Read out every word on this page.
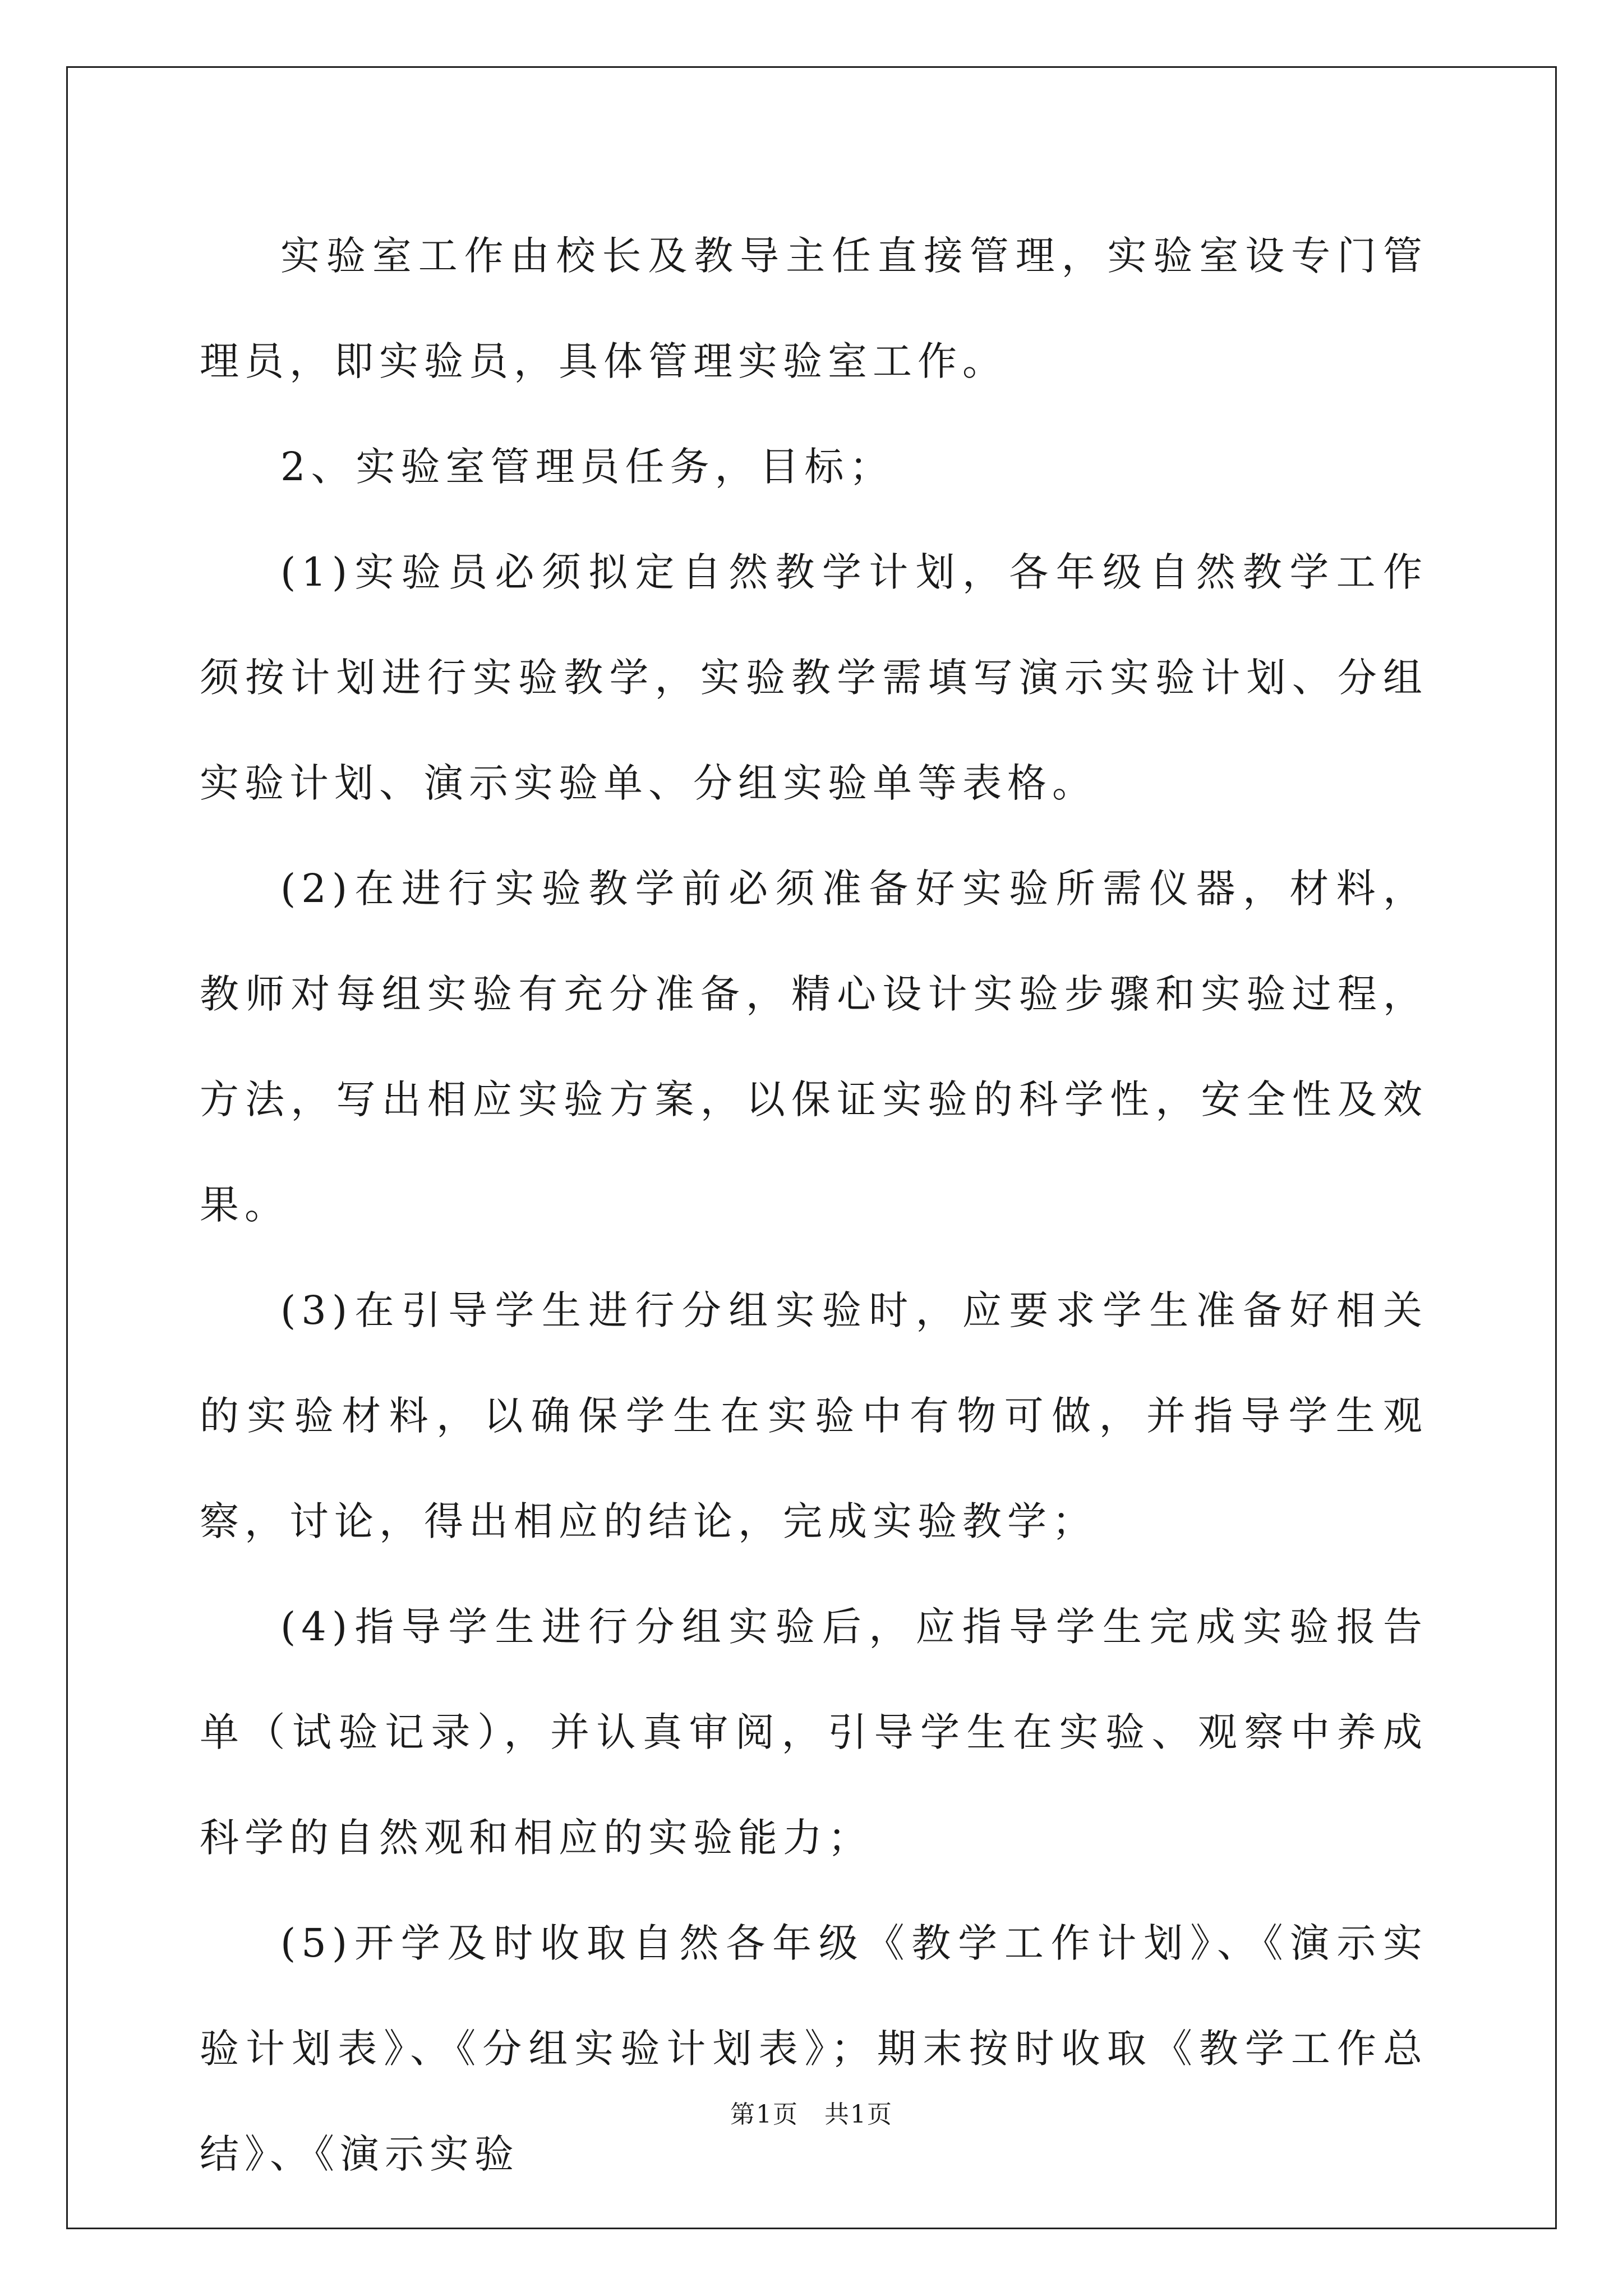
实验室工作由校长及教导主任直接管理，实验室设专门管理员，即实验员，具体管理实验室工作。

2、实验室管理员任务，目标；

(1)实验员必须拟定自然教学计划，各年级自然教学工作须按计划进行实验教学，实验教学需填写演示实验计划、分组实验计划、演示实验单、分组实验单等表格。

(2)在进行实验教学前必须准备好实验所需仪器，材料，教师对每组实验有充分准备，精心设计实验步骤和实验过程，方法，写出相应实验方案，以保证实验的科学性，安全性及效果。

(3)在引导学生进行分组实验时，应要求学生准备好相关的实验材料，以确保学生在实验中有物可做，并指导学生观察，讨论，得出相应的结论，完成实验教学；

(4)指导学生进行分组实验后，应指导学生完成实验报告单（试验记录），并认真审阅，引导学生在实验、观察中养成科学的自然观和相应的实验能力；

(5)开学及时收取自然各年级《教学工作计划》、《演示实验计划表》、《分组实验计划表》；期末按时收取《教学工作总结》、《演示实验

第1页　共1页
